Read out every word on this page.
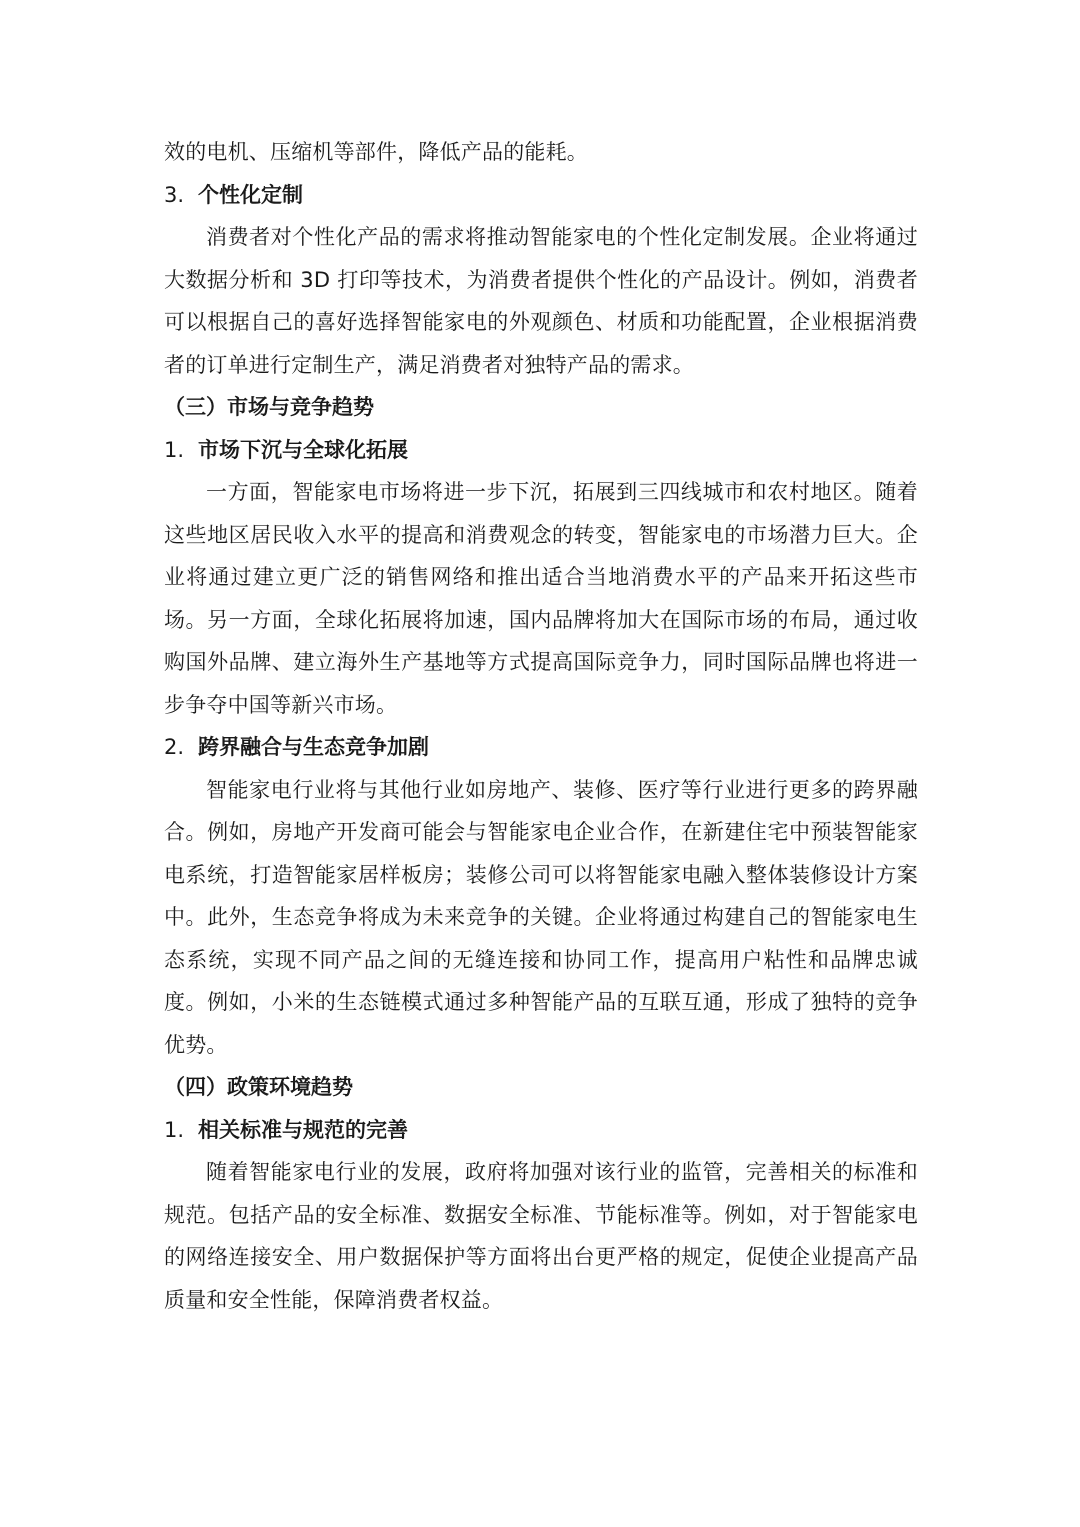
效的电机、压缩机等部件，降低产品的能耗。

3. 个性化定制

消费者对个性化产品的需求将推动智能家电的个性化定制发展。企业将通过大数据分析和 3D 打印等技术，为消费者提供个性化的产品设计。例如，消费者可以根据自己的喜好选择智能家电的外观颜色、材质和功能配置，企业根据消费者的订单进行定制生产，满足消费者对独特产品的需求。

（三）市场与竞争趋势
1. 市场下沉与全球化拓展

一方面，智能家电市场将进一步下沉，拓展到三四线城市和农村地区。随着这些地区居民收入水平的提高和消费观念的转变，智能家电的市场潜力巨大。企业将通过建立更广泛的销售网络和推出适合当地消费水平的产品来开拓这些市场。另一方面，全球化拓展将加速，国内品牌将加大在国际市场的布局，通过收购国外品牌、建立海外生产基地等方式提高国际竞争力，同时国际品牌也将进一步争夺中国等新兴市场。

2. 跨界融合与生态竞争加剧

智能家电行业将与其他行业如房地产、装修、医疗等行业进行更多的跨界融合。例如，房地产开发商可能会与智能家电企业合作，在新建住宅中预装智能家电系统，打造智能家居样板房；装修公司可以将智能家电融入整体装修设计方案中。此外，生态竞争将成为未来竞争的关键。企业将通过构建自己的智能家电生态系统，实现不同产品之间的无缝连接和协同工作，提高用户粘性和品牌忠诚度。例如，小米的生态链模式通过多种智能产品的互联互通，形成了独特的竞争优势。

（四）政策环境趋势
1. 相关标准与规范的完善

随着智能家电行业的发展，政府将加强对该行业的监管，完善相关的标准和规范。包括产品的安全标准、数据安全标准、节能标准等。例如，对于智能家电的网络连接安全、用户数据保护等方面将出台更严格的规定，促使企业提高产品质量和安全性能，保障消费者权益。
